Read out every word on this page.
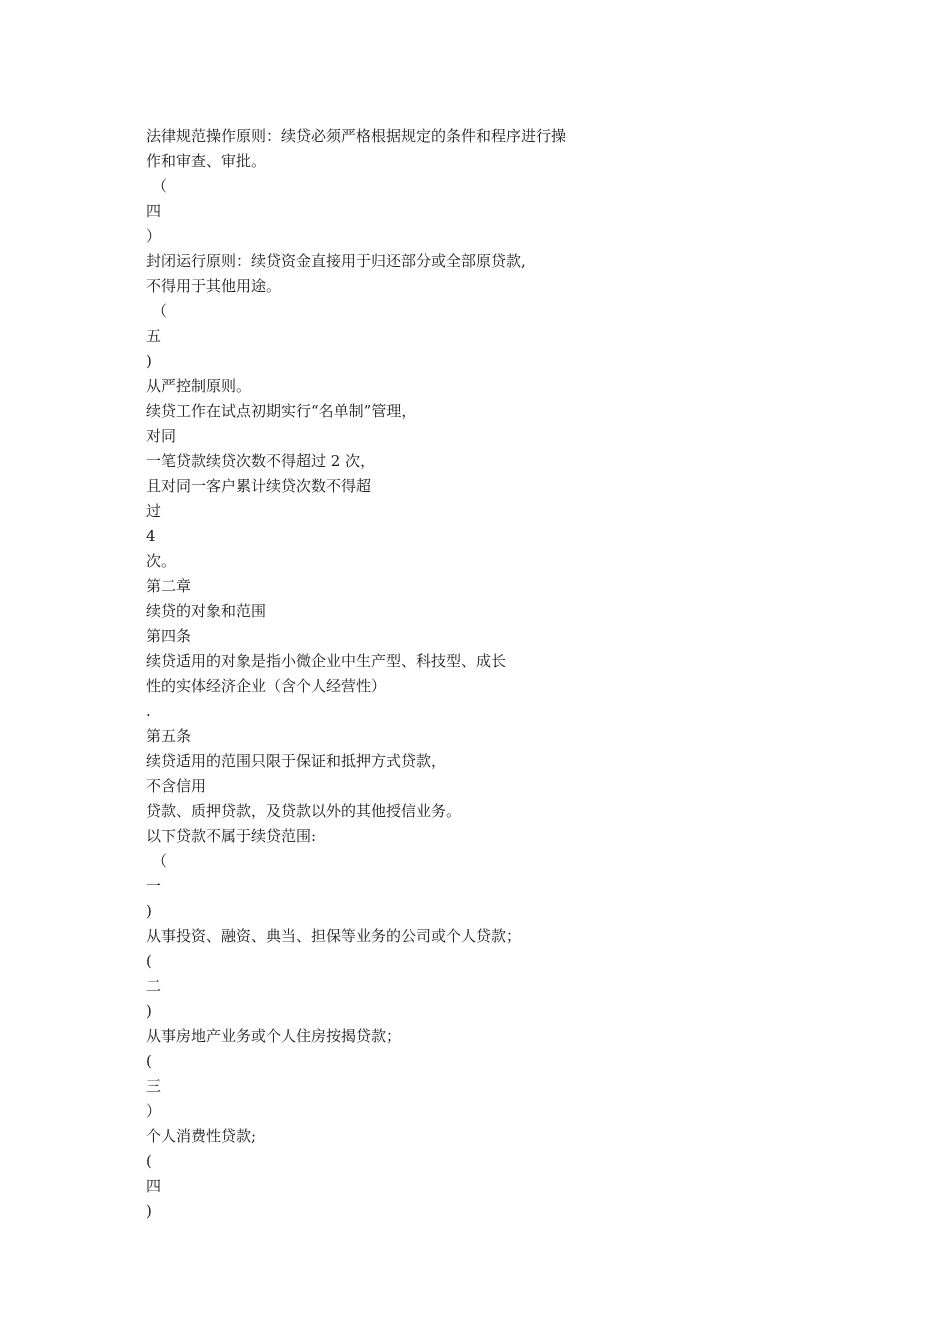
法律规范操作原则：续贷必须严格根据规定的条件和程序进行操
作和审查、审批。
（
四
）
封闭运行原则：续贷资金直接用于归还部分或全部原贷款,
不得用于其他用途。
（
五
)
从严控制原则。
续贷工作在试点初期实行“名单制”管理，
对同
一笔贷款续贷次数不得超过 2 次，
且对同一客户累计续贷次数不得超
过
4
次。
第二章
续贷的对象和范围
第四条
续贷适用的对象是指小微企业中生产型、科技型、成长
性的实体经济企业（含个人经营性）
.
第五条
续贷适用的范围只限于保证和抵押方式贷款，
不含信用
贷款、质押贷款，及贷款以外的其他授信业务。
以下贷款不属于续贷范围:
（
一
)
从事投资、融资、典当、担保等业务的公司或个人贷款；
(
二
)
从事房地产业务或个人住房按揭贷款；
(
三
）
个人消费性贷款;
(
四
)
